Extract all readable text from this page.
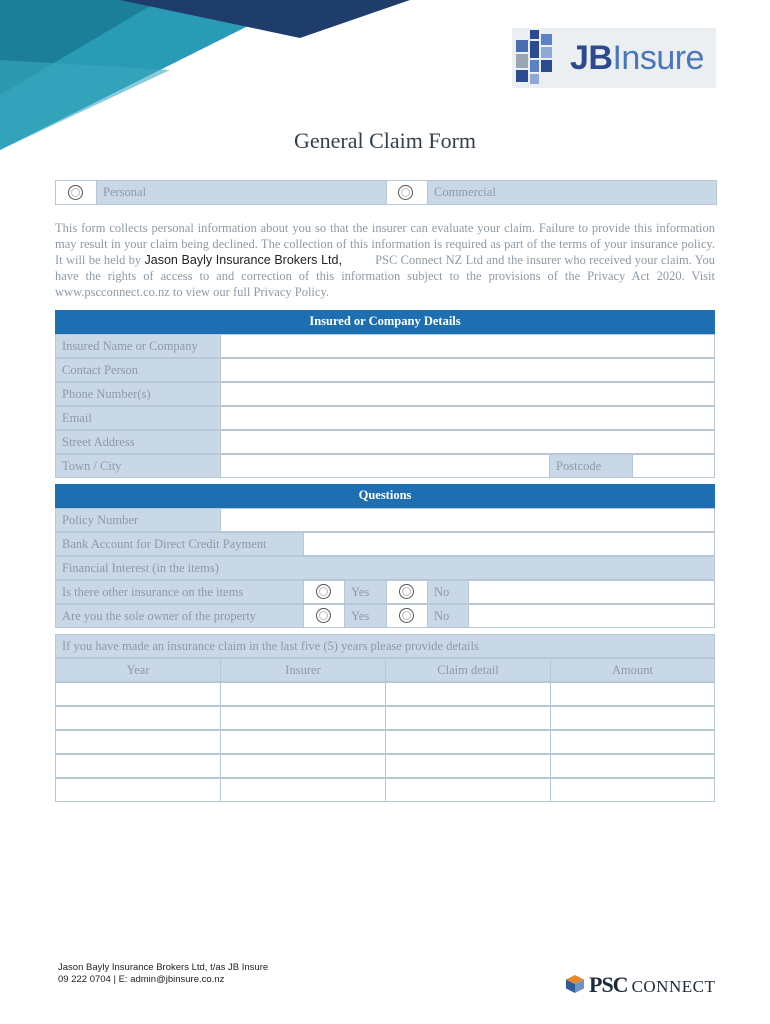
JBInsure
General Claim Form
Personal	Commercial
This form collects personal information about you so that the insurer can evaluate your claim. Failure to provide this information may result in your claim being declined. The collection of this information is required as part of the terms of your insurance policy. It will be held by Jason Bayly Insurance Brokers Ltd,	PSC Connect NZ Ltd and the insurer who received your claim. You have the rights of access to and correction of this information subject to the provisions of the Privacy Act 2020. Visit www.pscconnect.co.nz to view our full Privacy Policy.
Insured or Company Details
Insured Name or Company
Contact Person
Phone Number(s)
Email
Street Address
Town / City	Postcode
Questions
Policy Number
Bank Account for Direct Credit Payment
Financial Interest (in the items)
Is there other insurance on the items	Yes	No
Are you the sole owner of the property	Yes	No
If you have made an insurance claim in the last five (5) years please provide details
Year	Insurer	Claim detail	Amount
Jason Bayly Insurance Brokers Ltd, t/as JB Insure
09 222 0704 | E: admin@jbinsure.co.nz	PSC CONNECT
